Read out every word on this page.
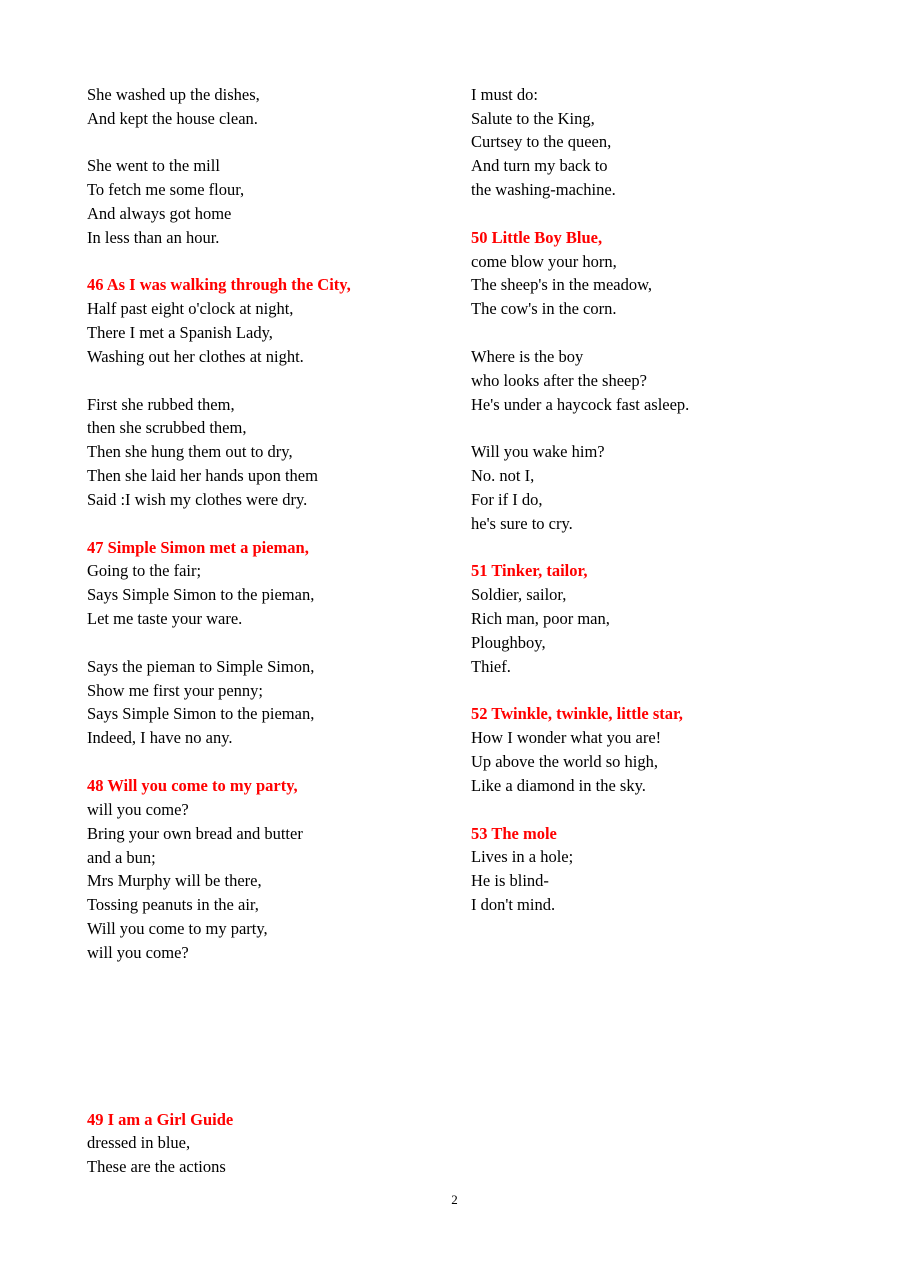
She washed up the dishes,
And kept the house clean.
She went to the mill
To fetch me some flour,
And always got home
In less than an hour.
46 As I was walking through the City,
Half past eight o'clock at night,
There I met a Spanish Lady,
Washing out her clothes at night.
First she rubbed them,
then she scrubbed them,
Then she hung them out to dry,
Then she laid her hands upon them
Said :I wish my clothes were dry.
47 Simple Simon met a pieman,
Going to the fair;
Says Simple Simon to the pieman,
Let me taste your ware.
Says the pieman to Simple Simon,
Show me first your penny;
Says Simple Simon to the pieman,
Indeed, I have no any.
48 Will you come to my party,
will you come?
Bring your own bread and butter
and a bun;
Mrs Murphy will be there,
Tossing peanuts in the air,
Will you come to my party,
will you come?
49 I am a Girl Guide
dressed in blue,
These are the actions
I must do:
Salute to the King,
Curtsey to the queen,
And turn my back to
the washing-machine.
50 Little Boy Blue,
come blow your horn,
The sheep's in the meadow,
The cow's in the corn.
Where is the boy
who looks after the sheep?
He's under a haycock fast asleep.
Will you wake him?
No. not I,
For if I do,
he's sure to cry.
51 Tinker, tailor,
Soldier, sailor,
Rich man, poor man,
Ploughboy,
Thief.
52 Twinkle, twinkle, little star,
How I wonder what you are!
Up above the world so high,
Like a diamond in the sky.
53 The mole
Lives in a hole;
He is blind-
I don't mind.
2
